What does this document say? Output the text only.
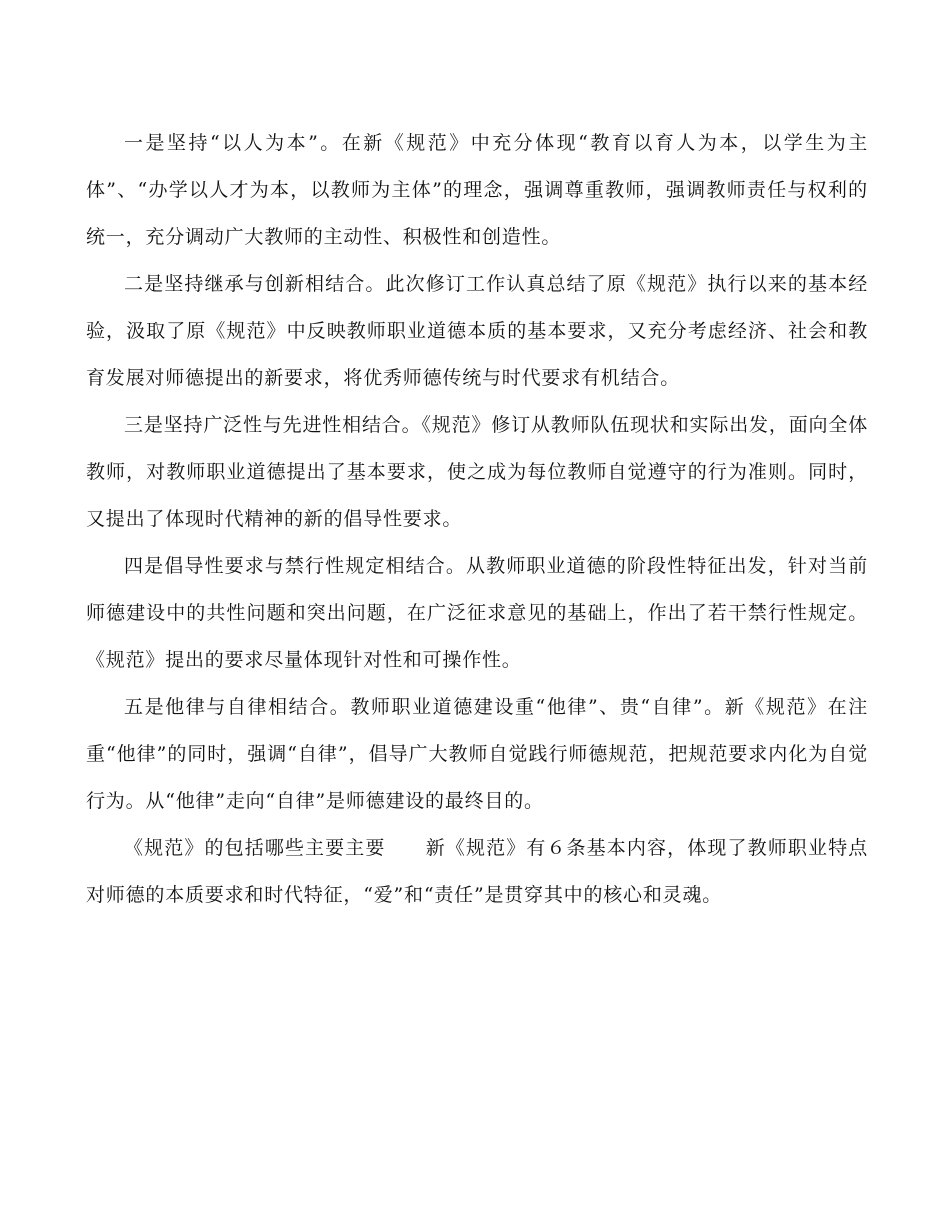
一是坚持“以人为本”。在新《规范》中充分体现“教育以育人为本，以学生为主体”、“办学以人才为本，以教师为主体”的理念，强调尊重教师，强调教师责任与权利的统一，充分调动广大教师的主动性、积极性和创造性。

二是坚持继承与创新相结合。此次修订工作认真总结了原《规范》执行以来的基本经验，汲取了原《规范》中反映教师职业道德本质的基本要求，又充分考虑经济、社会和教育发展对师德提出的新要求，将优秀师德传统与时代要求有机结合。

三是坚持广泛性与先进性相结合。《规范》修订从教师队伍现状和实际出发，面向全体教师，对教师职业道德提出了基本要求，使之成为每位教师自觉遵守的行为准则。同时，又提出了体现时代精神的新的倡导性要求。

四是倡导性要求与禁行性规定相结合。从教师职业道德的阶段性特征出发，针对当前师德建设中的共性问题和突出问题，在广泛征求意见的基础上，作出了若干禁行性规定。《规范》提出的要求尽量体现针对性和可操作性。

五是他律与自律相结合。教师职业道德建设重“他律”、贵“自律”。新《规范》在注重“他律”的同时，强调“自律”，倡导广大教师自觉践行师德规范，把规范要求内化为自觉行为。从“他律”走向“自律”是师德建设的最终目的。

《规范》的包括哪些主要主要　　新《规范》有６条基本内容，体现了教师职业特点对师德的本质要求和时代特征，“爱”和“责任”是贯穿其中的核心和灵魂。
